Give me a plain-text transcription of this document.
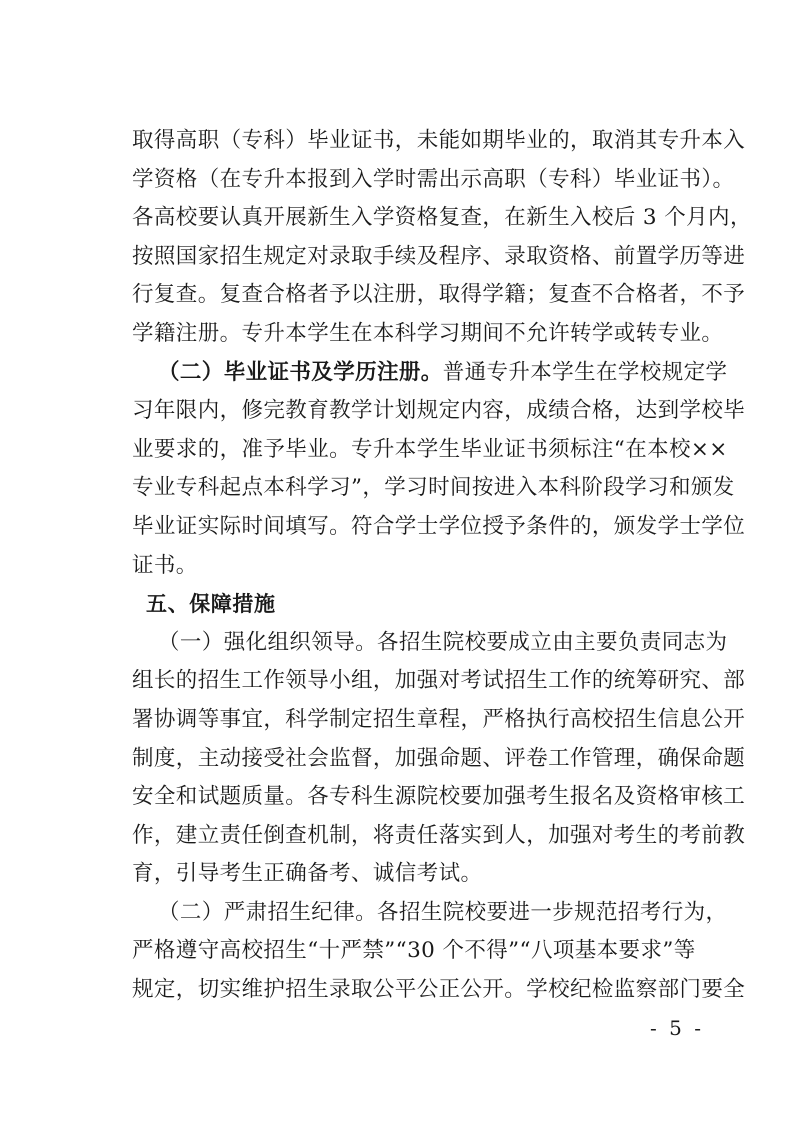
取得高职（专科）毕业证书，未能如期毕业的，取消其专升本入
学资格（在专升本报到入学时需出示高职（专科）毕业证书）。
各高校要认真开展新生入学资格复查，在新生入校后 3 个月内，
按照国家招生规定对录取手续及程序、录取资格、前置学历等进
行复查。复查合格者予以注册，取得学籍；复查不合格者，不予
学籍注册。专升本学生在本科学习期间不允许转学或转专业。

（二）毕业证书及学历注册。普通专升本学生在学校规定学
习年限内，修完教育教学计划规定内容，成绩合格，达到学校毕
业要求的，准予毕业。专升本学生毕业证书须标注“在本校××
专业专科起点本科学习”，学习时间按进入本科阶段学习和颁发
毕业证实际时间填写。符合学士学位授予条件的，颁发学士学位
证书。

五、保障措施

（一）强化组织领导。各招生院校要成立由主要负责同志为
组长的招生工作领导小组，加强对考试招生工作的统筹研究、部
署协调等事宜，科学制定招生章程，严格执行高校招生信息公开
制度，主动接受社会监督，加强命题、评卷工作管理，确保命题
安全和试题质量。各专科生源院校要加强考生报名及资格审核工
作，建立责任倒查机制，将责任落实到人，加强对考生的考前教
育，引导考生正确备考、诚信考试。

（二）严肃招生纪律。各招生院校要进一步规范招考行为，
严格遵守高校招生“十严禁”“30 个不得”“八项基本要求”等
规定，切实维护招生录取公平公正公开。学校纪检监察部门要全

- 5 -
